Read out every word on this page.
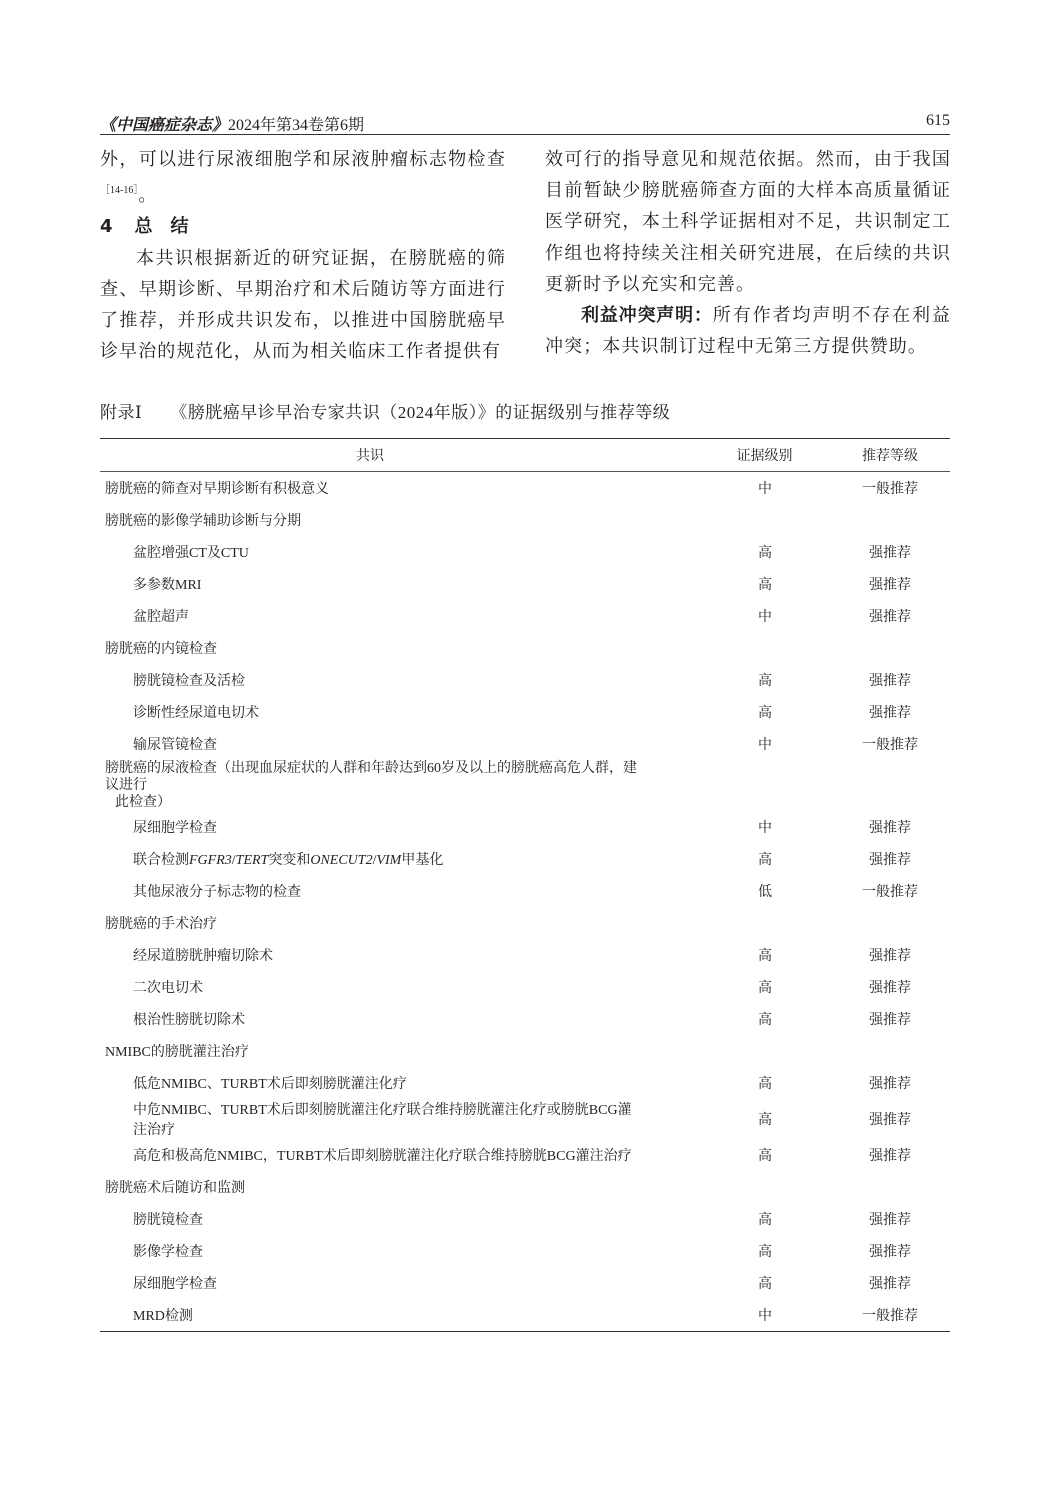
《中国癌症杂志》2024年第34卷第6期	615

外，可以进行尿液细胞学和尿液肿瘤标志物检查$^{[14-16]}$。

4 总　结

本共识根据新近的研究证据，在膀胱癌的筛查、早期诊断、早期治疗和术后随访等方面进行了推荐，并形成共识发布，以推进中国膀胱癌早诊早治的规范化，从而为相关临床工作者提供有

效可行的指导意见和规范依据。然而，由于我国目前暂缺少膀胱癌筛查方面的大样本高质量循证医学研究，本土科学证据相对不足，共识制定工作组也将持续关注相关研究进展，在后续的共识更新时予以充实和完善。

利益冲突声明：所有作者均声明不存在利益冲突；本共识制订过程中无第三方提供赞助。

附录Ⅰ 《膀胱癌早诊早治专家共识（2024年版）》的证据级别与推荐等级
共识	证据级别	推荐等级
膀胱癌的筛查对早期诊断有积极意义	中	一般推荐
膀胱癌的影像学辅助诊断与分期		
盆腔增强CT及CTU	高	强推荐
多参数MRI	高	强推荐
盆腔超声	中	强推荐
膀胱癌的内镜检查		
膀胱镜检查及活检	高	强推荐
诊断性经尿道电切术	高	强推荐
输尿管镜检查	中	一般推荐
膀胱癌的尿液检查（出现血尿症状的人群和年龄达到60岁及以上的膀胱癌高危人群，建议进行
此检查）		

尿细胞学检查	中	强推荐
联合检测FGFR3/TERT突变和ONECUT2/VIM甲基化	高	强推荐
其他尿液分子标志物的检查	低	一般推荐
膀胱癌的手术治疗		
经尿道膀胱肿瘤切除术	高	强推荐
二次电切术	高	强推荐
根治性膀胱切除术	高	强推荐
NMIBC的膀胱灌注治疗		
低危NMIBC、TURBT术后即刻膀胱灌注化疗	高	强推荐
中危NMIBC、TURBT术后即刻膀胱灌注化疗联合维持膀胱灌注化疗或膀胱BCG灌注治疗	高	强推荐
高危和极高危NMIBC，TURBT术后即刻膀胱灌注化疗联合维持膀胱BCG灌注治疗	高	强推荐
膀胱癌术后随访和监测		
膀胱镜检查	高	强推荐
影像学检查	高	强推荐
尿细胞学检查	高	强推荐
MRD检测	中	一般推荐
